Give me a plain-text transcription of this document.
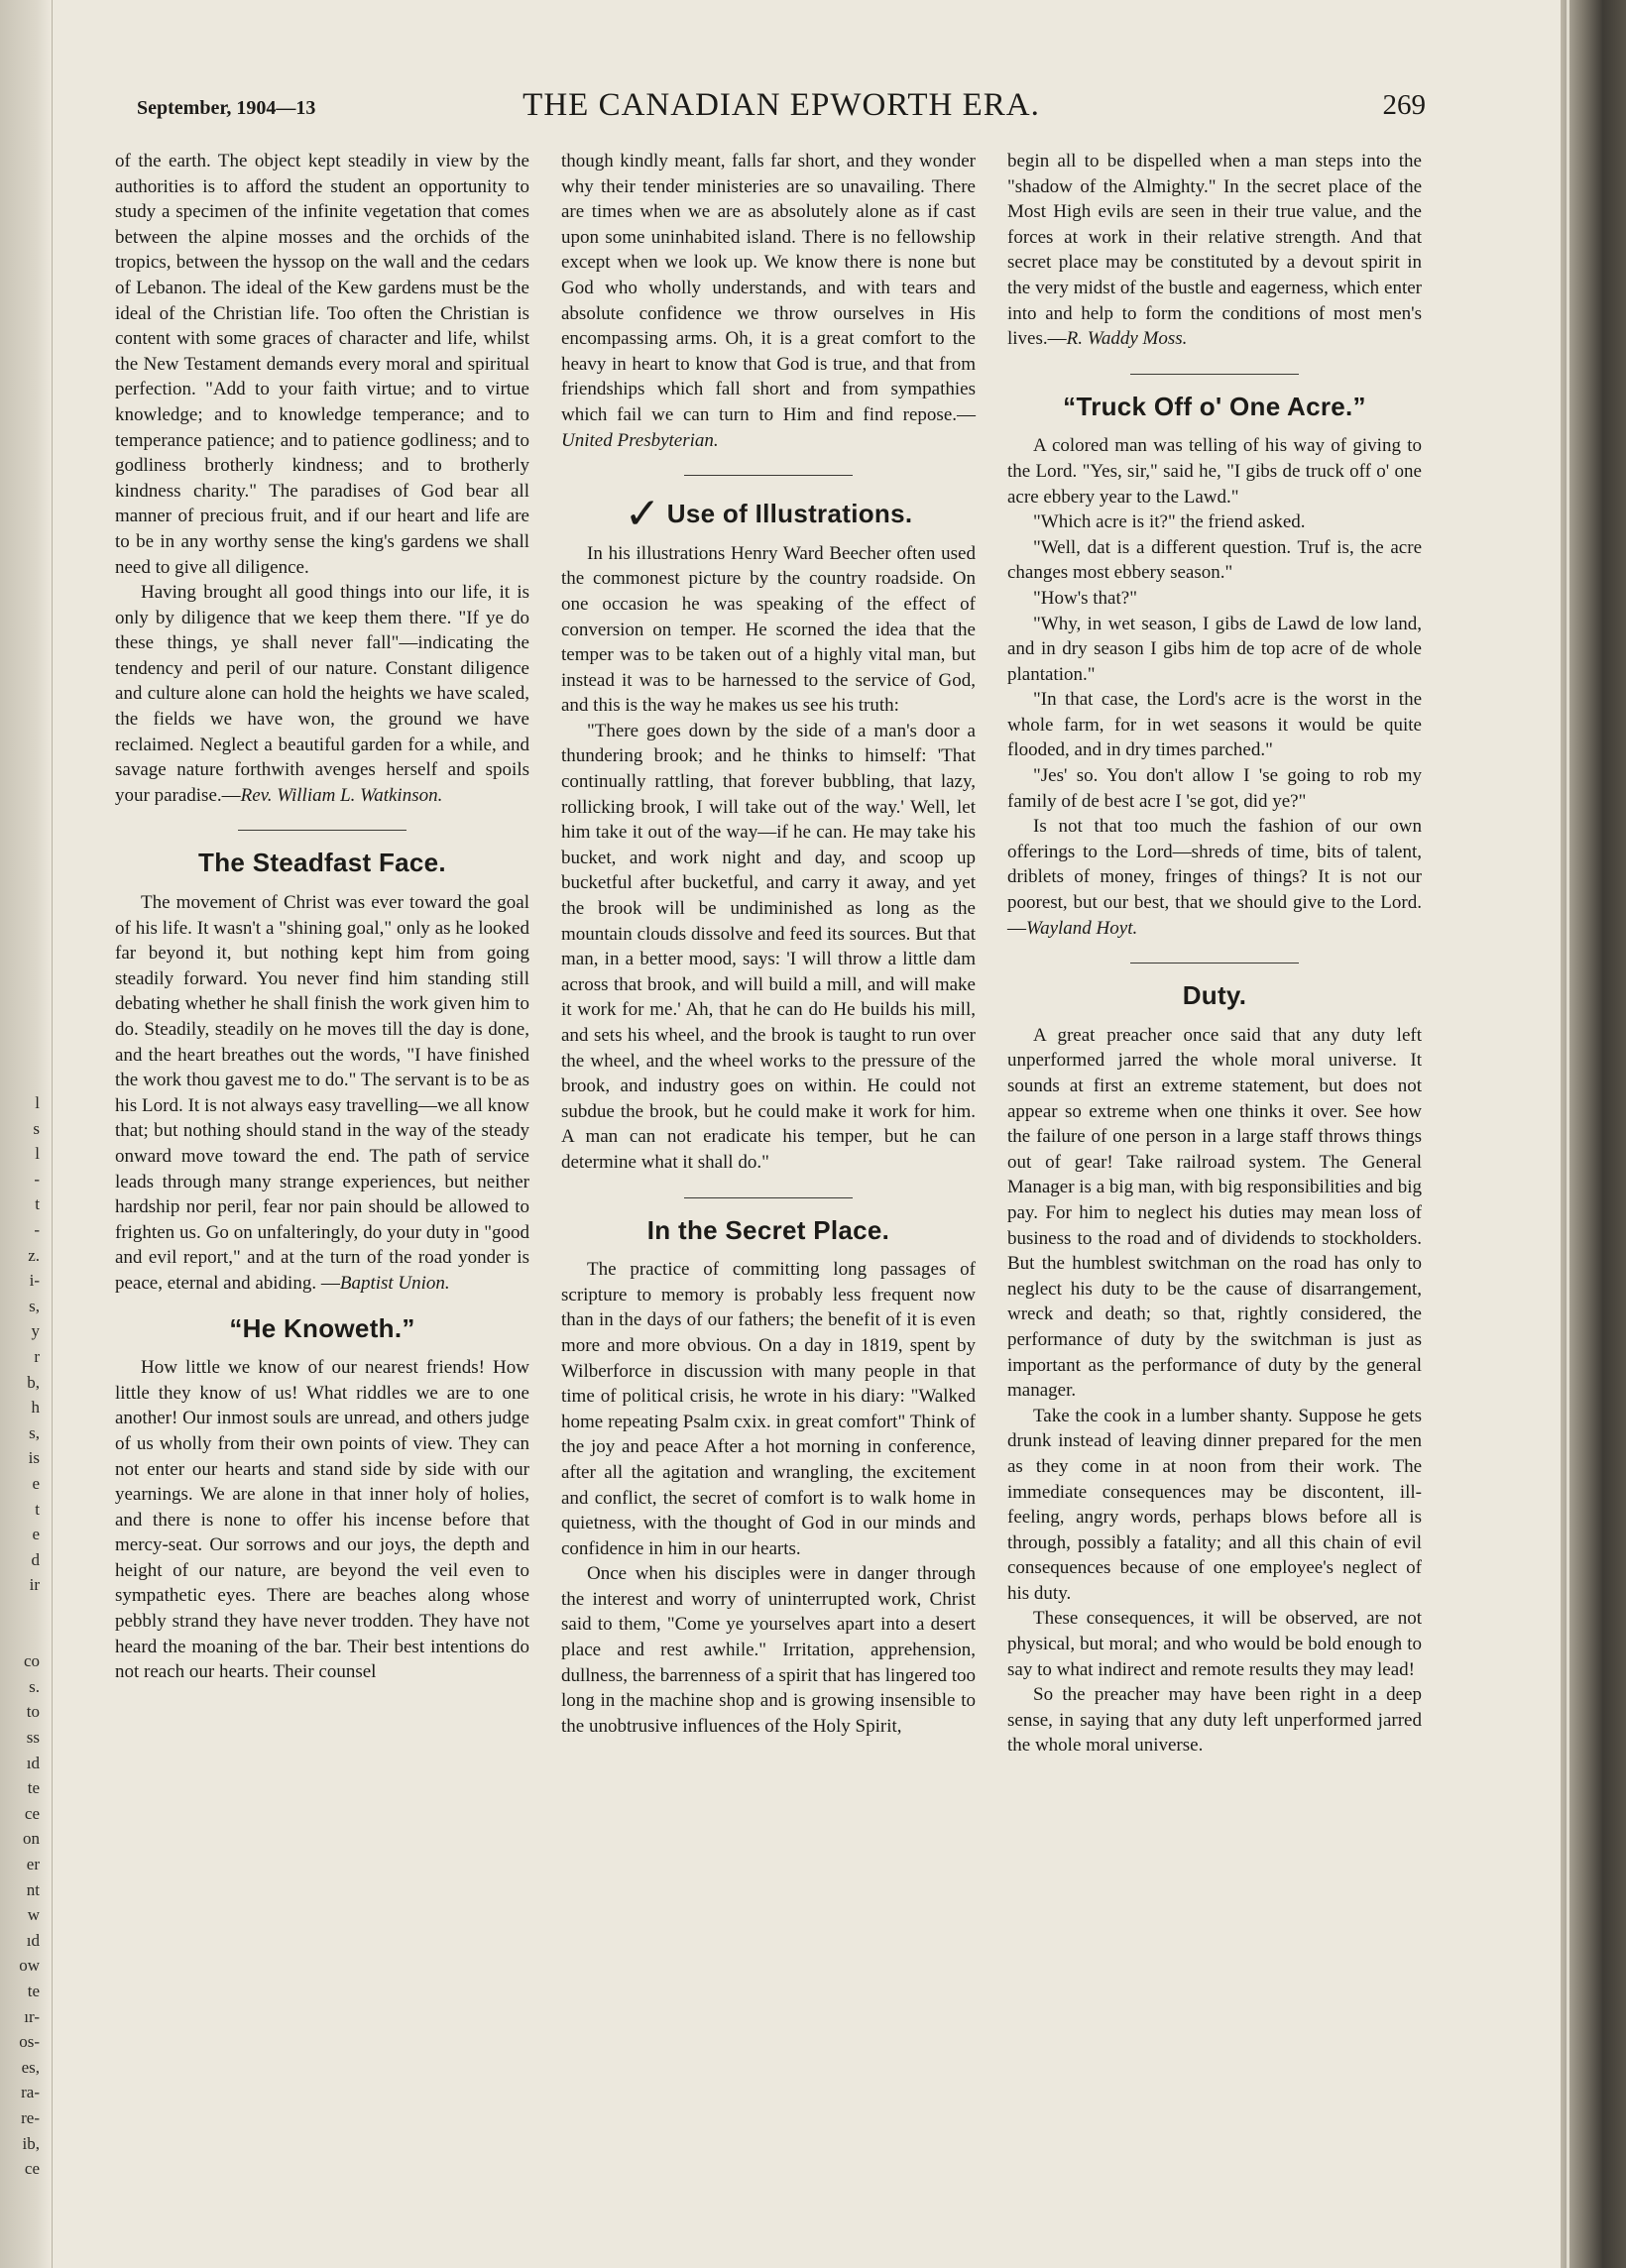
l
s
l
-
t
-
z.
i-
s,
y
r
b,
h
s,
is
e
t
e
d
ir
co
s.
to
ss
ıd
te
ce
on
er
nt
w
ıd
ow
te
ır-
os-
es,
ra-
re-
ib,
ce
September, 1904—13	THE CANADIAN EPWORTH ERA.	269

of the earth. The object kept steadily in view by the authorities is to afford the student an opportunity to study a specimen of the infinite vegetation that comes between the alpine mosses and the orchids of the tropics, between the hyssop on the wall and the cedars of Lebanon. The ideal of the Kew gardens must be the ideal of the Christian life. Too often the Christian is content with some graces of character and life, whilst the New Testament demands every moral and spiritual perfection. "Add to your faith virtue; and to virtue knowledge; and to knowledge temperance; and to temperance patience; and to patience godliness; and to godliness brotherly kindness; and to brotherly kindness charity." The paradises of God bear all manner of precious fruit, and if our heart and life are to be in any worthy sense the king's gardens we shall need to give all diligence.

Having brought all good things into our life, it is only by diligence that we keep them there. "If ye do these things, ye shall never fall"—indicating the tendency and peril of our nature. Constant diligence and culture alone can hold the heights we have scaled, the fields we have won, the ground we have reclaimed. Neglect a beautiful garden for a while, and savage nature forthwith avenges herself and spoils your paradise.—Rev. William L. Watkinson.

The Steadfast Face.

The movement of Christ was ever toward the goal of his life. It wasn't a "shining goal," only as he looked far beyond it, but nothing kept him from going steadily forward. You never find him standing still debating whether he shall finish the work given him to do. Steadily, steadily on he moves till the day is done, and the heart breathes out the words, "I have finished the work thou gavest me to do." The servant is to be as his Lord. It is not always easy travelling—we all know that; but nothing should stand in the way of the steady onward move toward the end. The path of service leads through many strange experiences, but neither hardship nor peril, fear nor pain should be allowed to frighten us. Go on unfalteringly, do your duty in "good and evil report," and at the turn of the road yonder is peace, eternal and abiding. —Baptist Union.

“He Knoweth.”

How little we know of our nearest friends! How little they know of us! What riddles we are to one another! Our inmost souls are unread, and others judge of us wholly from their own points of view. They can not enter our hearts and stand side by side with our yearnings. We are alone in that inner holy of holies, and there is none to offer his incense before that mercy-seat. Our sorrows and our joys, the depth and height of our nature, are beyond the veil even to sympathetic eyes. There are beaches along whose pebbly strand they have never trodden. They have not heard the moaning of the bar. Their best intentions do not reach our hearts. Their counsel

though kindly meant, falls far short, and they wonder why their tender ministeries are so unavailing. There are times when we are as absolutely alone as if cast upon some uninhabited island. There is no fellowship except when we look up. We know there is none but God who wholly understands, and with tears and absolute confidence we throw ourselves in His encompassing arms. Oh, it is a great comfort to the heavy in heart to know that God is true, and that from friendships which fall short and from sympathies which fail we can turn to Him and find repose.—United Presbyterian.

✓ Use of Illustrations.

In his illustrations Henry Ward Beecher often used the commonest picture by the country roadside. On one occasion he was speaking of the effect of conversion on temper. He scorned the idea that the temper was to be taken out of a highly vital man, but instead it was to be harnessed to the service of God, and this is the way he makes us see his truth:

"There goes down by the side of a man's door a thundering brook; and he thinks to himself: 'That continually rattling, that forever bubbling, that lazy, rollicking brook, I will take out of the way.' Well, let him take it out of the way—if he can. He may take his bucket, and work night and day, and scoop up bucketful after bucketful, and carry it away, and yet the brook will be undiminished as long as the mountain clouds dissolve and feed its sources. But that man, in a better mood, says: 'I will throw a little dam across that brook, and will build a mill, and will make it work for me.' Ah, that he can do He builds his mill, and sets his wheel, and the brook is taught to run over the wheel, and the wheel works to the pressure of the brook, and industry goes on within. He could not subdue the brook, but he could make it work for him. A man can not eradicate his temper, but he can determine what it shall do."

In the Secret Place.

The practice of committing long passages of scripture to memory is probably less frequent now than in the days of our fathers; the benefit of it is even more and more obvious. On a day in 1819, spent by Wilberforce in discussion with many people in that time of political crisis, he wrote in his diary: "Walked home repeating Psalm cxix. in great comfort" Think of the joy and peace After a hot morning in conference, after all the agitation and wrangling, the excitement and conflict, the secret of comfort is to walk home in quietness, with the thought of God in our minds and confidence in him in our hearts.

Once when his disciples were in danger through the interest and worry of uninterrupted work, Christ said to them, "Come ye yourselves apart into a desert place and rest awhile." Irritation, apprehension, dullness, the barrenness of a spirit that has lingered too long in the machine shop and is growing insensible to the unobtrusive influences of the Holy Spirit,

begin all to be dispelled when a man steps into the "shadow of the Almighty." In the secret place of the Most High evils are seen in their true value, and the forces at work in their relative strength. And that secret place may be constituted by a devout spirit in the very midst of the bustle and eagerness, which enter into and help to form the conditions of most men's lives.—R. Waddy Moss.

“Truck Off o' One Acre.”

A colored man was telling of his way of giving to the Lord. "Yes, sir," said he, "I gibs de truck off o' one acre ebbery year to the Lawd."

"Which acre is it?" the friend asked.

"Well, dat is a different question. Truf is, the acre changes most ebbery season."

"How's that?"

"Why, in wet season, I gibs de Lawd de low land, and in dry season I gibs him de top acre of de whole plantation."

"In that case, the Lord's acre is the worst in the whole farm, for in wet seasons it would be quite flooded, and in dry times parched."

"Jes' so. You don't allow I 'se going to rob my family of de best acre I 'se got, did ye?"

Is not that too much the fashion of our own offerings to the Lord—shreds of time, bits of talent, driblets of money, fringes of things? It is not our poorest, but our best, that we should give to the Lord.—Wayland Hoyt.

Duty.

A great preacher once said that any duty left unperformed jarred the whole moral universe. It sounds at first an extreme statement, but does not appear so extreme when one thinks it over. See how the failure of one person in a large staff throws things out of gear! Take railroad system. The General Manager is a big man, with big responsibilities and big pay. For him to neglect his duties may mean loss of business to the road and of dividends to stockholders. But the humblest switchman on the road has only to neglect his duty to be the cause of disarrangement, wreck and death; so that, rightly considered, the performance of duty by the switchman is just as important as the performance of duty by the general manager.

Take the cook in a lumber shanty. Suppose he gets drunk instead of leaving dinner prepared for the men as they come in at noon from their work. The immediate consequences may be discontent, ill-feeling, angry words, perhaps blows before all is through, possibly a fatality; and all this chain of evil consequences because of one employee's neglect of his duty.

These consequences, it will be observed, are not physical, but moral; and who would be bold enough to say to what indirect and remote results they may lead!

So the preacher may have been right in a deep sense, in saying that any duty left unperformed jarred the whole moral universe.
